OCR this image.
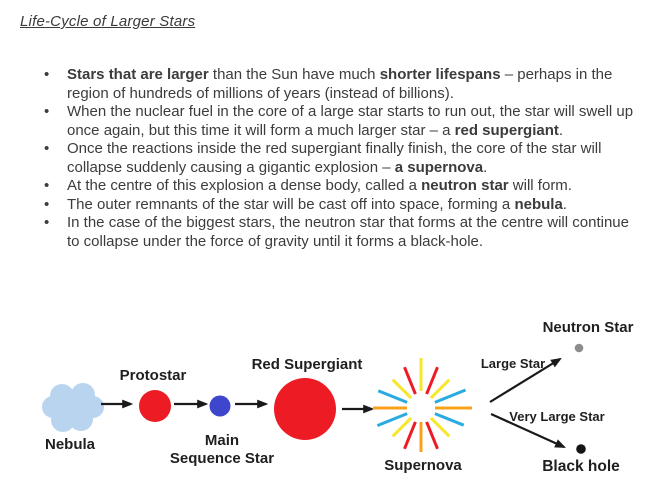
Life-Cycle of Larger Stars
• Stars that are larger than the Sun have much shorter lifespans – perhaps in the region of hundreds of millions of years (instead of billions).
• When the nuclear fuel in the core of a large star starts to run out, the star will swell up once again, but this time it will form a much larger star – a red supergiant.
• Once the reactions inside the red supergiant finally finish, the core of the star will collapse suddenly causing a gigantic explosion – a supernova.
• At the centre of this explosion a dense body, called a neutron star will form.
• The outer remnants of the star will be cast off into space, forming a nebula.
• In the case of the biggest stars, the neutron star that forms at the centre will continue to collapse under the force of gravity until it forms a black-hole.
Nebula
Protostar
Main
Sequence Star
Red Supergiant
Supernova
Large Star
Very Large Star
Neutron Star
Black hole
